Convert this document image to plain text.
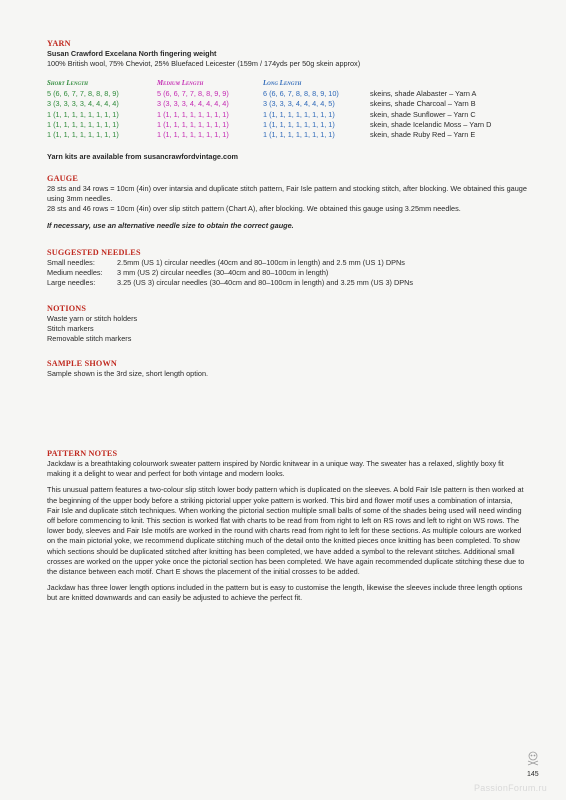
YARN

Susan Crawford Excelana North fingering weight

100% British wool, 75% Cheviot, 25% Bluefaced Leicester (159m / 174yds per 50g skein approx)

Short Length	Medium Length	Long Length
5 (6, 6, 7, 7, 8, 8, 8, 9)	5 (6, 6, 7, 7, 8, 8, 9, 9)	6 (6, 6, 7, 8, 8, 8, 9, 10)	skeins, shade Alabaster – Yarn A
3 (3, 3, 3, 3, 4, 4, 4, 4)	3 (3, 3, 3, 4, 4, 4, 4, 4)	3 (3, 3, 3, 4, 4, 4, 4, 5)	skeins, shade Charcoal – Yarn B
1 (1, 1, 1, 1, 1, 1, 1, 1)	1 (1, 1, 1, 1, 1, 1, 1, 1)	1 (1, 1, 1, 1, 1, 1, 1, 1)	skein, shade Sunflower – Yarn C
1 (1, 1, 1, 1, 1, 1, 1, 1)	1 (1, 1, 1, 1, 1, 1, 1, 1)	1 (1, 1, 1, 1, 1, 1, 1, 1)	skein, shade Icelandic Moss – Yarn D
1 (1, 1, 1, 1, 1, 1, 1, 1)	1 (1, 1, 1, 1, 1, 1, 1, 1)	1 (1, 1, 1, 1, 1, 1, 1, 1)	skein, shade Ruby Red – Yarn E

Yarn kits are available from susancrawfordvintage.com

GAUGE

28 sts and 34 rows = 10cm (4in) over intarsia and duplicate stitch pattern, Fair Isle pattern and stocking stitch, after blocking. We obtained this gauge using 3mm needles.

28 sts and 46 rows = 10cm (4in) over slip stitch pattern (Chart A), after blocking. We obtained this gauge using 3.25mm needles.

If necessary, use an alternative needle size to obtain the correct gauge.

SUGGESTED NEEDLES

Small needles:	2.5mm (US 1) circular needles (40cm and 80–100cm in length) and 2.5 mm (US 1) DPNs
Medium needles:	3 mm (US 2) circular needles (30–40cm and 80–100cm in length)
Large needles:	3.25 (US 3) circular needles (30–40cm and 80–100cm in length) and 3.25 mm (US 3) DPNs

NOTIONS

Waste yarn or stitch holders

Stitch markers

Removable stitch markers

SAMPLE SHOWN

Sample shown is the 3rd size, short length option.

PATTERN NOTES

Jackdaw is a breathtaking colourwork sweater pattern inspired by Nordic knitwear in a unique way. The sweater has a relaxed, slightly boxy fit making it a delight to wear and perfect for both vintage and modern looks.

This unusual pattern features a two-colour slip stitch lower body pattern which is duplicated on the sleeves. A bold Fair Isle pattern is then worked at the beginning of the upper body before a striking pictorial upper yoke pattern is worked. This bird and flower motif uses a combination of intarsia, Fair Isle and duplicate stitch techniques. When working the pictorial section multiple small balls of some of the shades being used will need winding off before commencing to knit. This section is worked flat with charts to be read from from right to left on RS rows and left to right on WS rows. The lower body, sleeves and Fair Isle motifs are worked in the round with charts read from right to left for these sections. As multiple colours are worked on the main pictorial yoke, we recommend duplicate stitching much of the detail onto the knitted pieces once knitting has been completed. To show which sections should be duplicated stitched after knitting has been completed, we have added a symbol to the relevant stitches. Additional small crosses are worked on the upper yoke once the pictorial section has been completed. We have again recommended duplicate stitching these due to the distance between each motif. Chart E shows the placement of the initial crosses to be added.

Jackdaw has three lower length options included in the pattern but is easy to customise the length, likewise the sleeves include three length options but are knitted downwards and can easily be adjusted to achieve the perfect fit.

145
PassionForum.ru
